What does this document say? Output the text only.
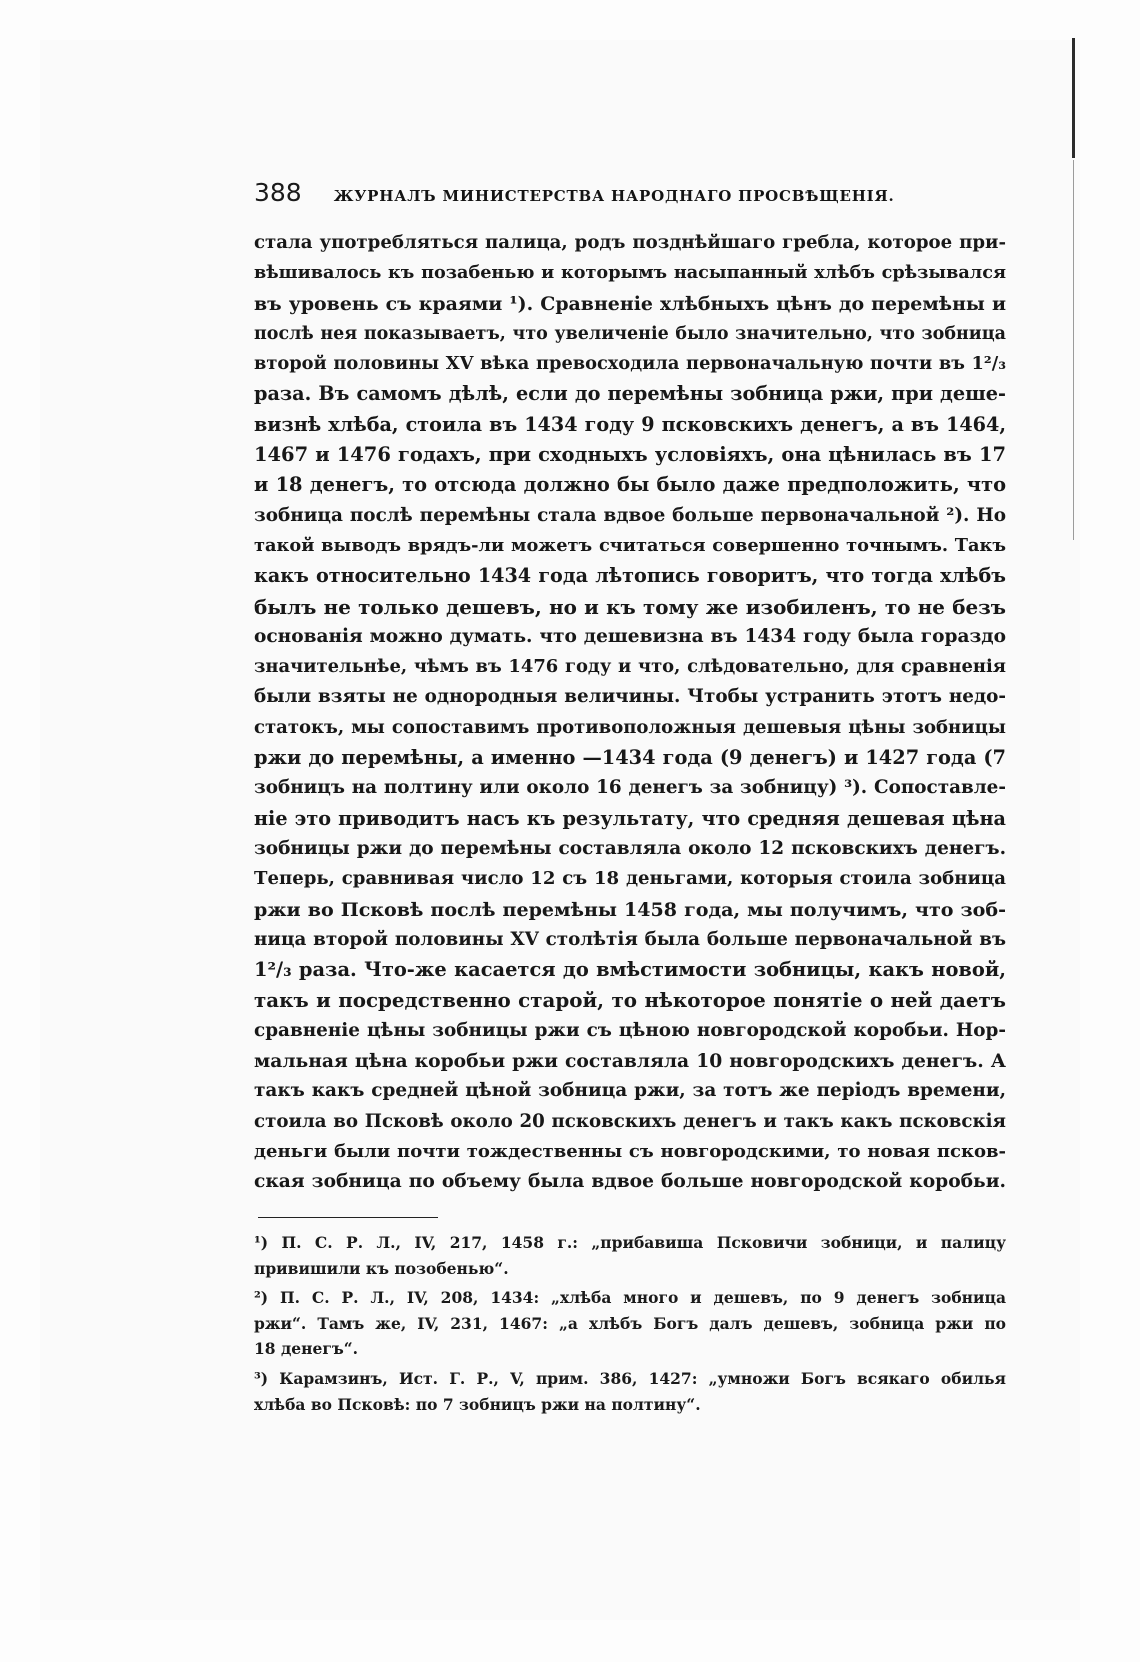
388 ЖУРНАЛЪ МИНИСТЕРСТВА НАРОДНАГО ПРОСВѢЩЕНІЯ.
стала употребляться палица, родъ позднѣйшаго гребла, которое при-
вѣшивалось къ позабенью и которымъ насыпанный хлѣбъ срѣзывался
въ уровень съ краями ¹). Сравненіе хлѣбныхъ цѣнъ до перемѣны и
послѣ нея показываетъ, что увеличеніе было значительно, что зобница
второй половины XV вѣка превосходила первоначальную почти въ 1²/₃
раза. Въ самомъ дѣлѣ, если до перемѣны зобница ржи, при деше-
визнѣ хлѣба, стоила въ 1434 году 9 псковскихъ денегъ, а въ 1464,
1467 и 1476 годахъ, при сходныхъ условіяхъ, она цѣнилась въ 17
и 18 денегъ, то отсюда должно бы было даже предположить, что
зобница послѣ перемѣны стала вдвое больше первоначальной ²). Но
такой выводъ врядъ-ли можетъ считаться совершенно точнымъ. Такъ
какъ относительно 1434 года лѣтопись говоритъ, что тогда хлѣбъ
былъ не только дешевъ, но и къ тому же изобиленъ, то не безъ
основанія можно думать. что дешевизна въ 1434 году была гораздо
значительнѣе, чѣмъ въ 1476 году и что, слѣдовательно, для сравненія
были взяты не однородныя величины. Чтобы устранить этотъ недо-
статокъ, мы сопоставимъ противоположныя дешевыя цѣны зобницы
ржи до перемѣны, а именно —1434 года (9 денегъ) и 1427 года (7
зобницъ на полтину или около 16 денегъ за зобницу) ³). Сопоставле-
ніе это приводитъ насъ къ результату, что средняя дешевая цѣна
зобницы ржи до перемѣны составляла около 12 псковскихъ денегъ.
Теперь, сравнивая число 12 съ 18 деньгами, которыя стоила зобница
ржи во Псковѣ послѣ перемѣны 1458 года, мы получимъ, что зоб-
ница второй половины XV столѣтія была больше первоначальной въ
1²/₃ раза. Что-же касается до вмѣстимости зобницы, какъ новой,
такъ и посредственно старой, то нѣкоторое понятіе о ней даетъ
сравненіе цѣны зобницы ржи съ цѣною новгородской коробьи. Нор-
мальная цѣна коробьи ржи составляла 10 новгородскихъ денегъ. А
такъ какъ средней цѣной зобница ржи, за тотъ же періодъ времени,
стоила во Псковѣ около 20 псковскихъ денегъ и такъ какъ псковскія
деньги были почти тождественны съ новгородскими, то новая псков-
ская зобница по объему была вдвое больше новгородской коробьи.
¹) П. С. Р. Л., IV, 217, 1458 г.: „прибавиша Псковичи зобници, и палицу
привишили къ позобенью“.
²) П. С. Р. Л., IV, 208, 1434: „хлѣба много и дешевъ, по 9 денегъ зобница
ржи“. Тамъ же, IV, 231, 1467: „а хлѣбъ Богъ далъ дешевъ, зобница ржи по
18 денегъ“.
³) Карамзинъ, Ист. Г. Р., V, прим. 386, 1427: „умножи Богъ всякаго обилья
хлѣба во Псковѣ: по 7 зобницъ ржи на полтину“.
